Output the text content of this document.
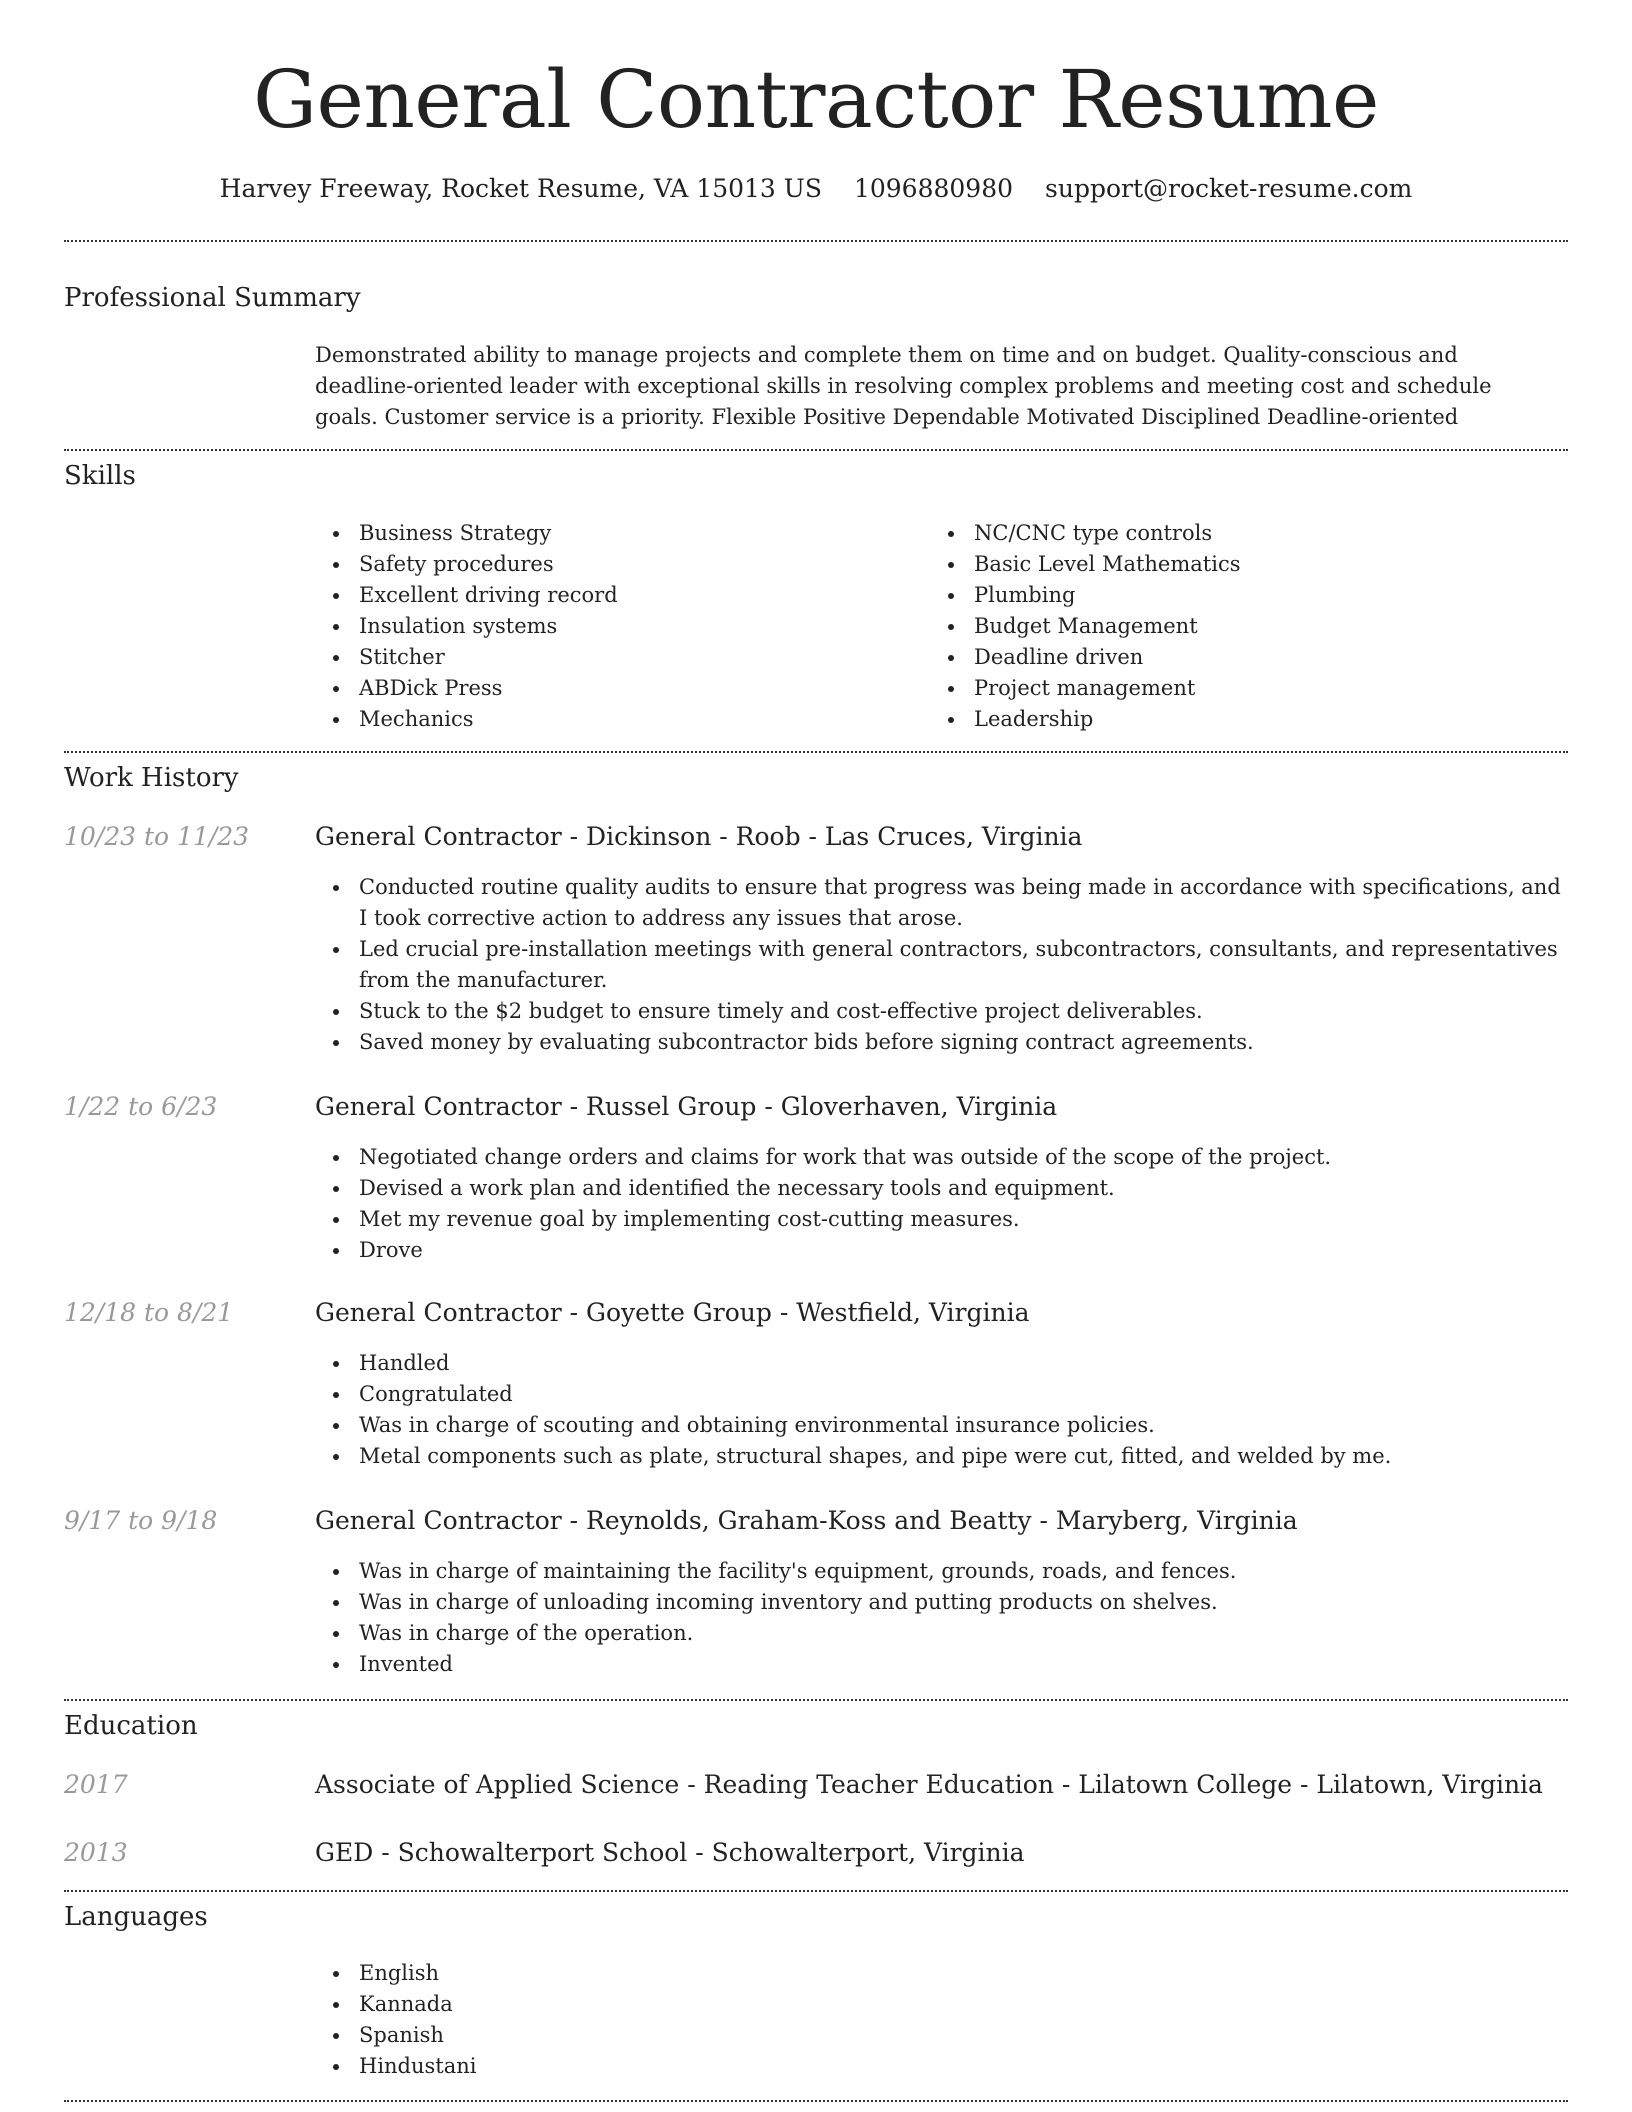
General Contractor Resume
Harvey Freeway, Rocket Resume, VA 15013 US 1096880980 support@rocket-resume.com
Professional Summary

Demonstrated ability to manage projects and complete them on time and on budget. Quality-conscious and deadline-oriented leader with exceptional skills in resolving complex problems and meeting cost and schedule goals. Customer service is a priority. Flexible Positive Dependable Motivated Disciplined Deadline-oriented

Skills
Business Strategy
Safety procedures
Excellent driving record
Insulation systems
Stitcher
ABDick Press
Mechanics
NC/CNC type controls
Basic Level Mathematics
Plumbing
Budget Management
Deadline driven
Project management
Leadership
Work History
10/23 to 11/23	General Contractor - Dickinson - Roob - Las Cruces, Virginia
Conducted routine quality audits to ensure that progress was being made in accordance with specifications, and I took corrective action to address any issues that arose.
Led crucial pre-installation meetings with general contractors, subcontractors, consultants, and representatives from the manufacturer.
Stuck to the $2 budget to ensure timely and cost-effective project deliverables.
Saved money by evaluating subcontractor bids before signing contract agreements.
1/22 to 6/23	General Contractor - Russel Group - Gloverhaven, Virginia
Negotiated change orders and claims for work that was outside of the scope of the project.
Devised a work plan and identified the necessary tools and equipment.
Met my revenue goal by implementing cost-cutting measures.
Drove
12/18 to 8/21	General Contractor - Goyette Group - Westfield, Virginia
Handled
Congratulated
Was in charge of scouting and obtaining environmental insurance policies.
Metal components such as plate, structural shapes, and pipe were cut, fitted, and welded by me.
9/17 to 9/18	General Contractor - Reynolds, Graham-Koss and Beatty - Maryberg, Virginia
Was in charge of maintaining the facility's equipment, grounds, roads, and fences.
Was in charge of unloading incoming inventory and putting products on shelves.
Was in charge of the operation.
Invented
Education
2017	Associate of Applied Science - Reading Teacher Education - Lilatown College - Lilatown, Virginia
2013	GED - Schowalterport School - Schowalterport, Virginia
Languages
English
Kannada
Spanish
Hindustani
